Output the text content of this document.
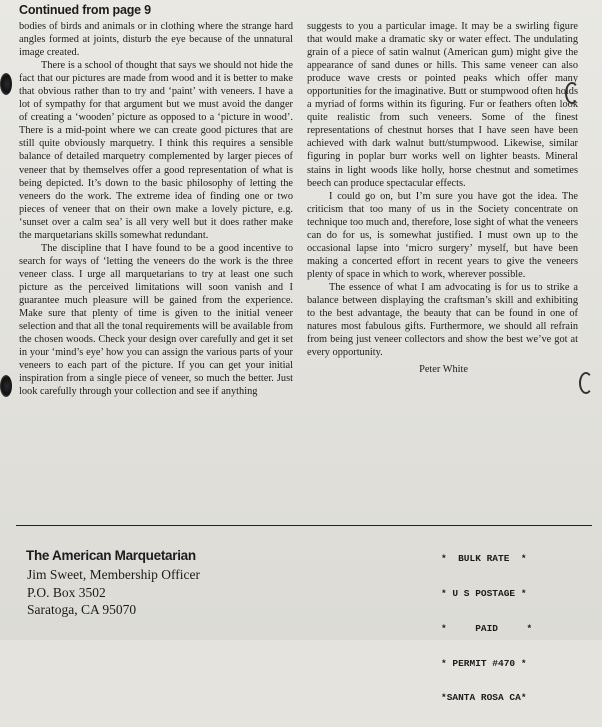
Continued from page 9

bodies of birds and animals or in clothing where the strange hard angles formed at joints, disturb the eye because of the unnatural image created.

There is a school of thought that says we should not hide the fact that our pictures are made from wood and it is better to make that obvious rather than to try and ‘paint’ with veneers. I have a lot of sympathy for that argument but we must avoid the danger of creating a ‘wooden’ picture as opposed to a ‘picture in wood’. There is a mid-point where we can create good pictures that are still quite obviously marquetry. I think this requires a sensible balance of detailed marquetry complemented by larger pieces of veneer that by themselves offer a good representation of what is being depicted. It’s down to the basic philosophy of letting the veneers do the work. The extreme idea of finding one or two pieces of veneer that on their own make a lovely picture, e.g. ‘sunset over a calm sea’ is all very well but it does rather make the marquetarians skills somewhat redundant.

The discipline that I have found to be a good incentive to search for ways of ‘letting the veneers do the work is the three veneer class. I urge all marquetarians to try at least one such picture as the perceived limitations will soon vanish and I guarantee much pleasure will be gained from the experience. Make sure that plenty of time is given to the initial veneer selection and that all the tonal requirements will be available from the chosen woods. Check your design over carefully and get it set in your ‘mind’s eye’ how you can assign the various parts of your veneers to each part of the picture. If you can get your initial inspiration from a single piece of veneer, so much the better. Just look carefully through your collection and see if anything

suggests to you a particular image. It may be a swirling figure that would make a dramatic sky or water effect. The undulating grain of a piece of satin walnut (American gum) might give the appearance of sand dunes or hills. This same veneer can also produce wave crests or pointed peaks which offer many opportunities for the imaginative. Butt or stumpwood often holds a myriad of forms within its figuring. Fur or feathers often look quite realistic from such veneers. Some of the finest representations of chestnut horses that I have seen have been achieved with dark walnut butt/stumpwood. Likewise, similar figuring in poplar burr works well on lighter beasts. Mineral stains in light woods like holly, horse chestnut and sometimes beech can produce spectacular effects.

I could go on, but I’m sure you have got the idea. The criticism that too many of us in the Society concentrate on technique too much and, therefore, lose sight of what the veneers can do for us, is somewhat justified. I must own up to the occasional lapse into ‘micro surgery’ myself, but have been making a concerted effort in recent years to give the veneers plenty of space in which to work, wherever possible.

The essence of what I am advocating is for us to strike a balance between displaying the craftsman’s skill and exhibiting to the best advantage, the beauty that can be found in one of natures most fabulous gifts. Furthermore, we should all refrain from being just veneer collectors and show the best we’ve got at every opportunity.

Peter White

The American Marquetarian
Jim Sweet, Membership Officer
P.O. Box 3502
Saratoga, CA 95070

*  BULK RATE  *

* U S POSTAGE *

*     PAID     *

* PERMIT #470 *

*SANTA ROSA CA*
